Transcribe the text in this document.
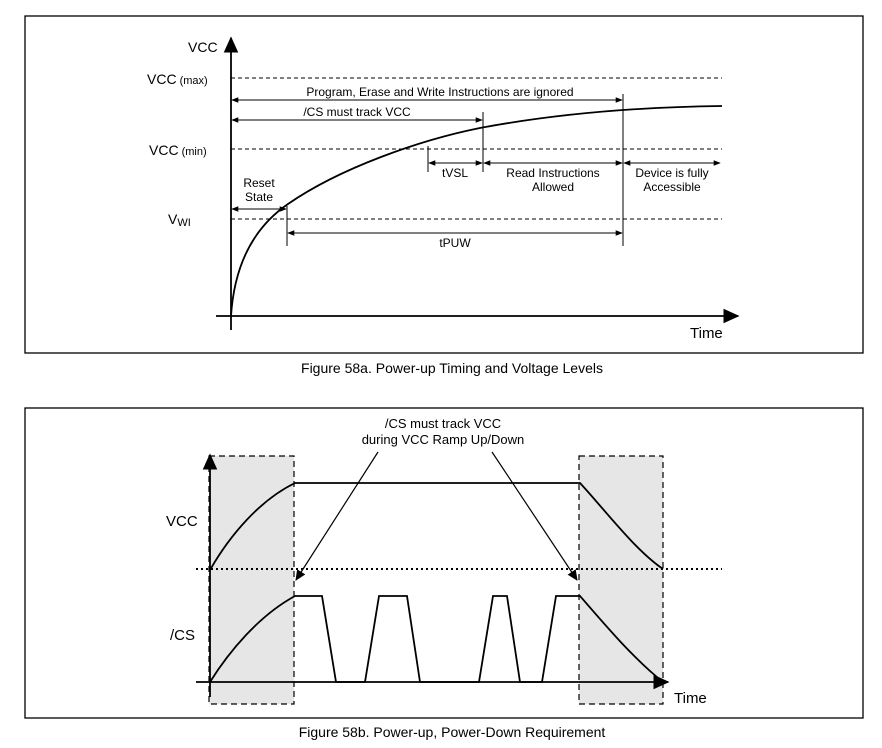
VCC
Time
VCC (max)
VCC (min)
VWI
Program, Erase and Write Instructions are ignored
/CS must track VCC
tVSL	Read Instructions
Allowed
Device is fully
Accessible
Reset
State
tPUW
Figure 58a. Power-up Timing and Voltage Levels
Time
VCC
/CS
/CS must track VCC
during VCC Ramp Up/Down
Figure 58b. Power-up, Power-Down Requirement
